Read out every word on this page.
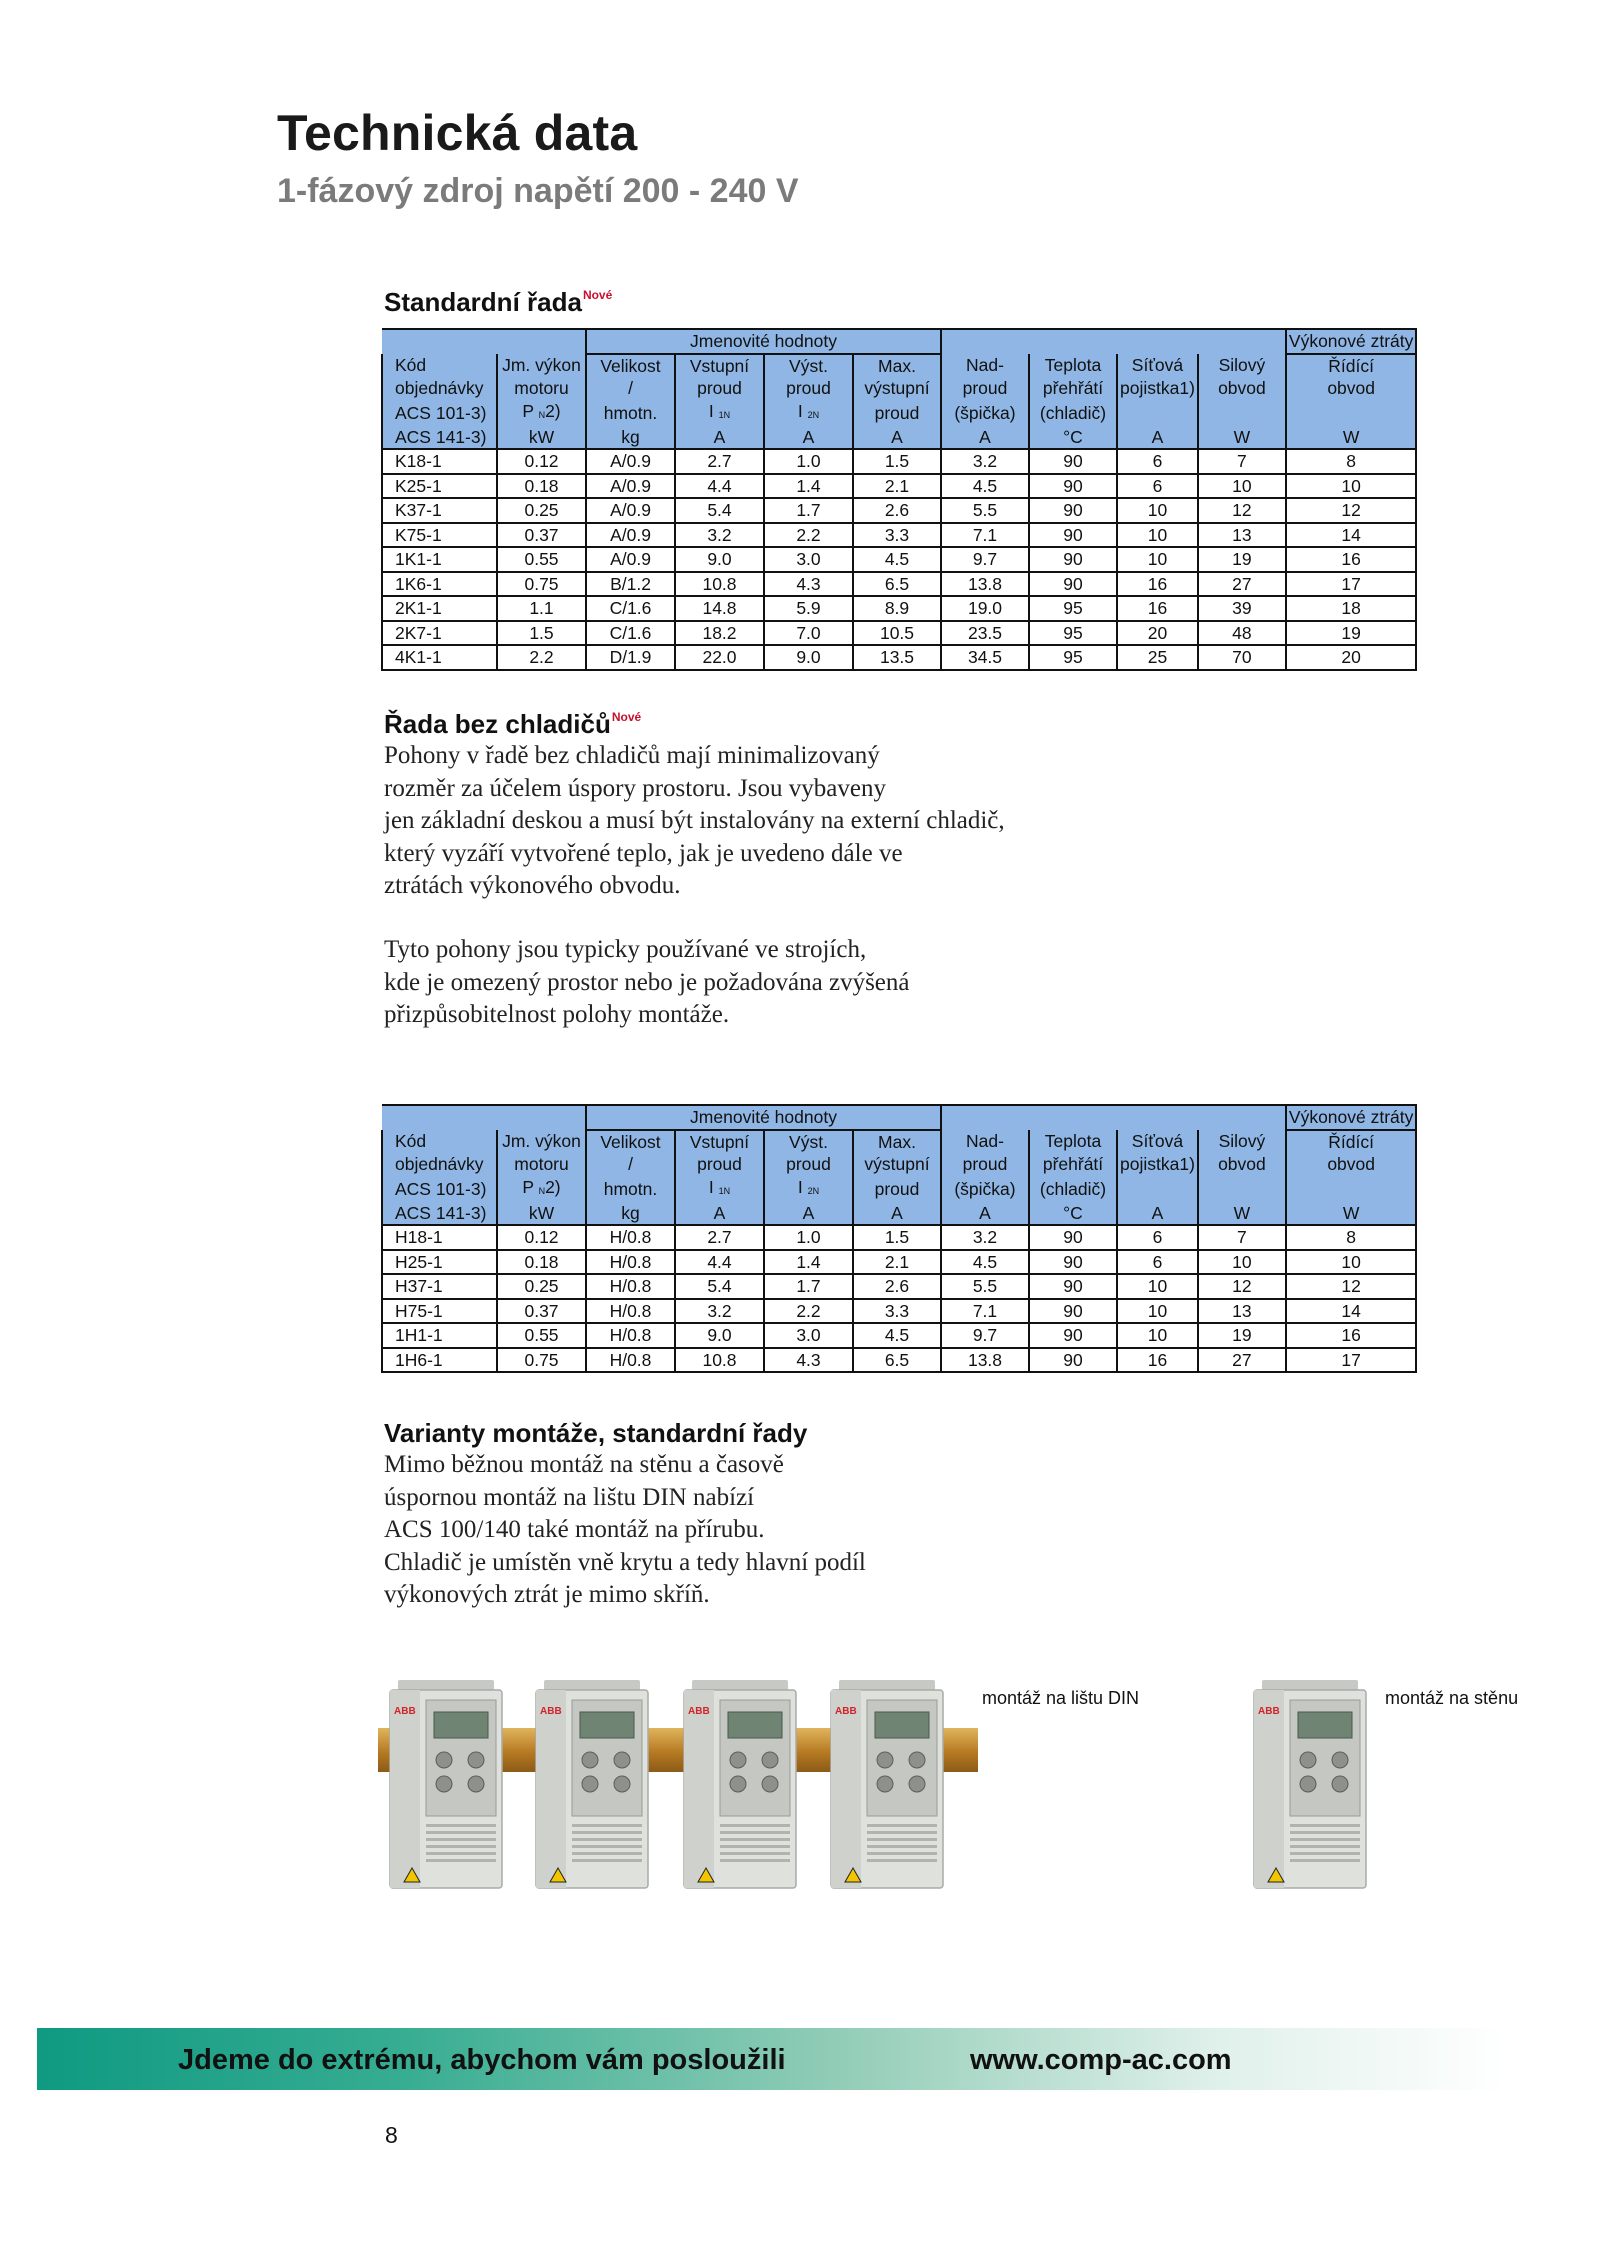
Technická data
1-fázový zdroj napětí 200 - 240 V
Standardní řada$^{Nové}$
		Jmenovité hodnoty								Výkonové ztráty
Kód	Jm. výkon	Velikost	Vstupní	Výst.	Max.	Nad-	Teplota	Síťová	Silový	Řídící
objednávky	motoru	/	proud	proud	výstupní	proud	přehřátí	pojistka1)	obvod	obvod
ACS 101-3)	P N2)	hmotn.	I 1N	I 2N	proud	(špička)	(chladič)			
ACS 141-3)	kW	kg	A	A	A	A	°C	A	W	W
K18-1	0.12	A/0.9	2.7	1.0	1.5	3.2	90	6	7	8
K25-1	0.18	A/0.9	4.4	1.4	2.1	4.5	90	6	10	10
K37-1	0.25	A/0.9	5.4	1.7	2.6	5.5	90	10	12	12
K75-1	0.37	A/0.9	3.2	2.2	3.3	7.1	90	10	13	14
1K1-1	0.55	A/0.9	9.0	3.0	4.5	9.7	90	10	19	16
1K6-1	0.75	B/1.2	10.8	4.3	6.5	13.8	90	16	27	17
2K1-1	1.1	C/1.6	14.8	5.9	8.9	19.0	95	16	39	18
2K7-1	1.5	C/1.6	18.2	7.0	10.5	23.5	95	20	48	19
4K1-1	2.2	D/1.9	22.0	9.0	13.5	34.5	95	25	70	20
Řada bez chladičů$^{Nové}$
Pohony v řadě bez chladičů mají minimalizovaný
rozměr za účelem úspory prostoru. Jsou vybaveny
jen základní deskou a musí být instalovány na externí chladič,
který vyzáří vytvořené teplo, jak je uvedeno dále ve
ztrátách výkonového obvodu.
Tyto pohony jsou typicky používané ve strojích,
kde je omezený prostor nebo je požadována zvýšená
přizpůsobitelnost polohy montáže.
		Jmenovité hodnoty								Výkonové ztráty
Kód	Jm. výkon	Velikost	Vstupní	Výst.	Max.	Nad-	Teplota	Síťová	Silový	Řídící
objednávky	motoru	/	proud	proud	výstupní	proud	přehřátí	pojistka1)	obvod	obvod
ACS 101-3)	P N2)	hmotn.	I 1N	I 2N	proud	(špička)	(chladič)			
ACS 141-3)	kW	kg	A	A	A	A	°C	A	W	W
H18-1	0.12	H/0.8	2.7	1.0	1.5	3.2	90	6	7	8
H25-1	0.18	H/0.8	4.4	1.4	2.1	4.5	90	6	10	10
H37-1	0.25	H/0.8	5.4	1.7	2.6	5.5	90	10	12	12
H75-1	0.37	H/0.8	3.2	2.2	3.3	7.1	90	10	13	14
1H1-1	0.55	H/0.8	9.0	3.0	4.5	9.7	90	10	19	16
1H6-1	0.75	H/0.8	10.8	4.3	6.5	13.8	90	16	27	17
Varianty montáže, standardní řady
Mimo běžnou montáž na stěnu a časově
úspornou montáž na lištu DIN nabízí
ACS 100/140 také montáž na přírubu.
Chladič je umístěn vně krytu a tedy hlavní podíl
výkonových ztrát je mimo skříň.
ABB	ABB	ABB	ABB
montáž na lištu DIN
ABB
montáž na stěnu
Jdeme do extrému, abychom vám posloužili	www.comp-ac.com
8
